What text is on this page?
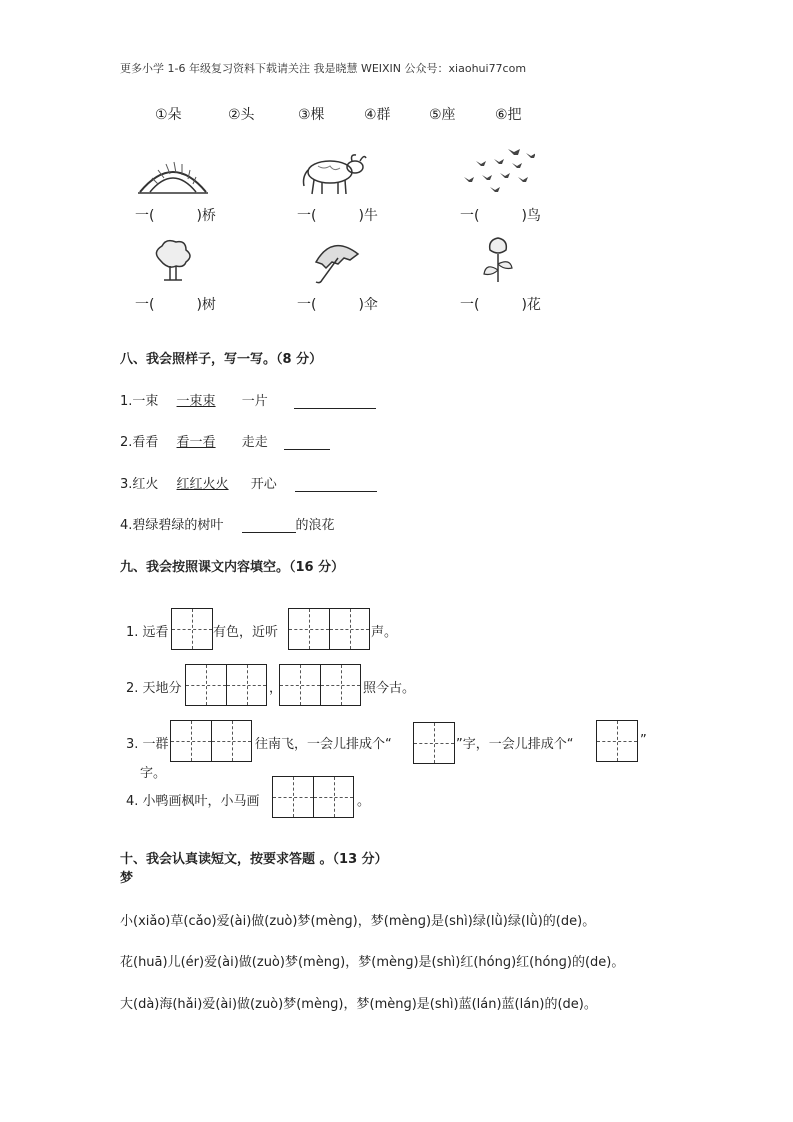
更多小学 1-6 年级复习资料下载请关注 我是晓慧 WEIXIN 公众号：xiaohui77com
①朵	②头	③棵	④群	⑤座	⑥把
一(	)桥	一(	)牛	一(	)鸟
一(	)树	一(	)伞	一(	)花
八、我会照样子，写一写。（8 分）
1.一束 一束束 一片
2.看看 看一看 走走
3.红火 红红火火 开心
4.碧绿碧绿的树叶	的浪花
九、我会按照课文内容填空。（16 分）
1. 远看	有色，近听	声。
2. 天地分	，	照今古。
3. 一群	往南飞，一会儿排成个“	”字，一会儿排成个“	”
字。
4. 小鸭画枫叶，小马画	。
十、我会认真读短文，按要求答题 。（13 分）
梦
小(xiǎo)草(cǎo)爱(ài)做(zuò)梦(mènɡ)，梦(mènɡ)是(shì)绿(lǜ)绿(lǜ)的(de)。
花(huā)儿(ér)爱(ài)做(zuò)梦(mènɡ)，梦(mènɡ)是(shì)红(hónɡ)红(hónɡ)的(de)。
大(dà)海(hǎi)爱(ài)做(zuò)梦(mènɡ)，梦(mènɡ)是(shì)蓝(lán)蓝(lán)的(de)。
